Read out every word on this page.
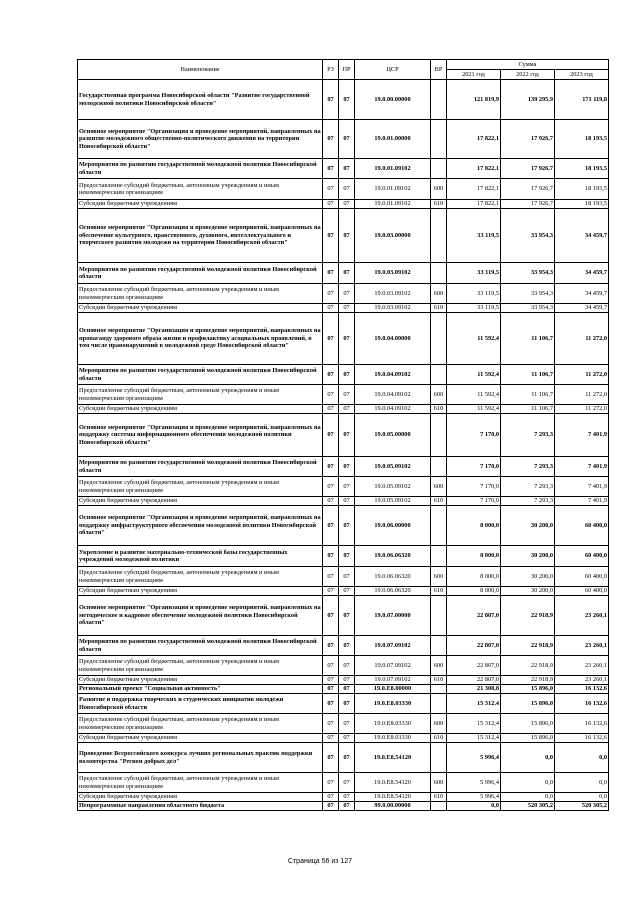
Наименование	РЗ	ПР	ЦСР	ВР	Сумма		
					2021 год	2022 год	2023 год
Государственная программа Новосибирской области "Развитие государственной молодежной политики Новосибирской области"	07	07	19.0.00.00000		121 819,9	139 295,9	171 119,8
Основное мероприятие "Организация и проведение мероприятий, направленных на развитие молодежного общественно-политического движения на территории Новосибирской области"	07	07	19.0.01.00000		17 822,1	17 926,7	18 193,5
Мероприятия по развитию государственной молодежной политики Новосибирской области	07	07	19.0.01.09102		17 822,1	17 926,7	18 193,5
Предоставление субсидий бюджетным, автономным учреждениям и иным некоммерческим организациям	07	07	19.0.01.09102	600	17 822,1	17 926,7	18 193,5
Субсидии бюджетным учреждениям	07	07	19.0.01.09102	610	17 822,1	17 926,7	18 193,5
Основное мероприятие "Организация и проведение мероприятий, направленных на обеспечение культурного, нравственного, духовного, интеллектуального и творческого развития молодежи на территории Новосибирской области"	07	07	19.0.03.00000		33 119,5	33 954,3	34 459,7
Мероприятия по развитию государственной молодежной политики Новосибирской области	07	07	19.0.03.09102		33 119,5	33 954,3	34 459,7
Предоставление субсидий бюджетным, автономным учреждениям и иным некоммерческим организациям	07	07	19.0.03.09102	600	33 119,5	33 954,3	34 459,7
Субсидии бюджетным учреждениям	07	07	19.0.03.09102	610	33 119,5	33 954,3	34 459,7
Основное мероприятие "Организация и проведение мероприятий, направленных на пропаганду здорового образа жизни и профилактику асоциальных проявлений, в том числе правонарушений в молодежной среде Новосибирской области"	07	07	19.0.04.00000		11 592,4	11 106,7	11 272,0
Мероприятия по развитию государственной молодежной политики Новосибирской области	07	07	19.0.04.09102		11 592,4	11 106,7	11 272,0
Предоставление субсидий бюджетным, автономным учреждениям и иным некоммерческим организациям	07	07	19.0.04.09102	600	11 592,4	11 106,7	11 272,0
Субсидии бюджетным учреждениям	07	07	19.0.04.09102	610	11 592,4	11 106,7	11 272,0
Основное мероприятие "Организация и проведение мероприятий, направленных на поддержку системы информационного обеспечения молодежной политики Новосибирской области"	07	07	19.0.05.00000		7 170,0	7 293,3	7 401,9
Мероприятия по развитию государственной молодежной политики Новосибирской области	07	07	19.0.05.09102		7 170,0	7 293,3	7 401,9
Предоставление субсидий бюджетным, автономным учреждениям и иным некоммерческим организациям	07	07	19.0.05.09102	600	7 170,0	7 293,3	7 401,9
Субсидии бюджетным учреждениям	07	07	19.0.05.09102	610	7 170,0	7 293,3	7 401,9
Основное мероприятие "Организация и проведение мероприятий, направленных на поддержку инфраструктурного обеспечения молодежной политики Новосибирской области"	07	07	19.0.06.00000		8 000,0	30 200,0	60 400,0
Укрепление и развитие материально-технической базы государственных учреждений молодежной политики	07	07	19.0.06.06320		8 000,0	30 200,0	60 400,0
Предоставление субсидий бюджетным, автономным учреждениям и иным некоммерческим организациям	07	07	19.0.06.06320	600	8 000,0	30 200,0	60 400,0
Субсидии бюджетным учреждениям	07	07	19.0.06.06320	610	8 000,0	30 200,0	60 400,0
Основное мероприятие "Организация и проведение мероприятий, направленных на методическое и кадровое обеспечение молодежной политики Новосибирской области"	07	07	19.0.07.00000		22 807,0	22 918,9	23 260,1
Мероприятия по развитию государственной молодежной политики Новосибирской области	07	07	19.0.07.09102		22 807,0	22 918,9	23 260,1
Предоставление субсидий бюджетным, автономным учреждениям и иным некоммерческим организациям	07	07	19.0.07.09102	600	22 807,0	22 918,9	23 260,1
Субсидии бюджетным учреждениям	07	07	19.0.07.09102	610	22 807,0	22 918,9	23 260,1
Региональный проект "Социальная активность"	07	07	19.0.E8.00000		21 308,8	15 896,0	16 132,6
Развитие и поддержка творческих и студенческих инициатив молодежи Новосибирской области	07	07	19.0.E8.03330		15 312,4	15 896,0	16 132,6
Предоставление субсидий бюджетным, автономным учреждениям и иным некоммерческим организациям	07	07	19.0.E8.03330	600	15 312,4	15 896,0	16 132,6
Субсидии бюджетным учреждениям	07	07	19.0.E8.03330	610	15 312,4	15 896,0	16 132,6
Проведение Всероссийского конкурса лучших региональных практик поддержки волонтерства "Регион добрых дел"	07	07	19.0.E8.54120		5 996,4	0,0	0,0
Предоставление субсидий бюджетным, автономным учреждениям и иным некоммерческим организациям	07	07	19.0.E8.54120	600	5 996,4	0,0	0,0
Субсидии бюджетным учреждениям	07	07	19.0.E8.54120	610	5 996,4	0,0	0,0
Непрограммные направления областного бюджета	07	07	99.0.00.00000		0,0	520 305,2	520 305,2
Страница 56 из 127
